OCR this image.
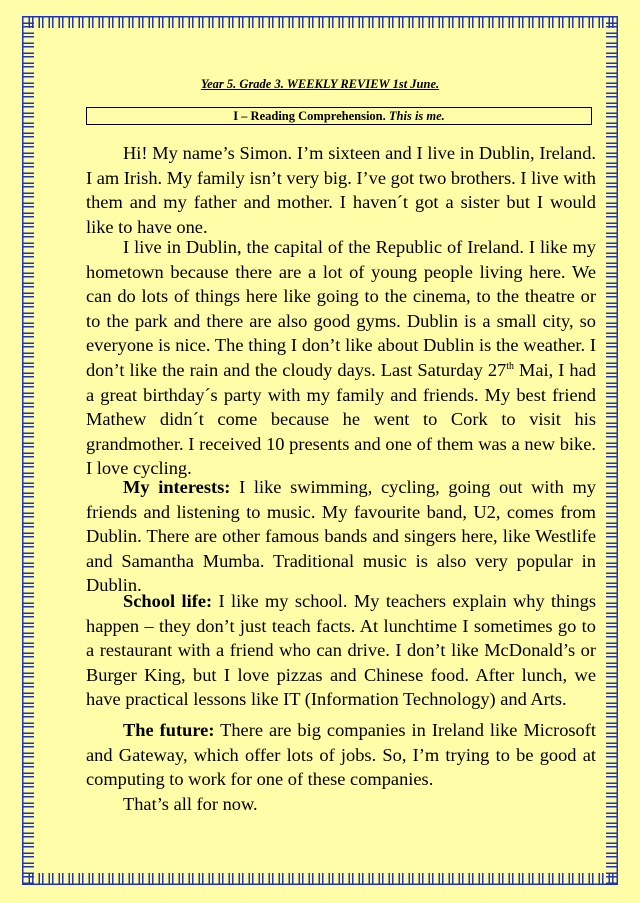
Year 5. Grade 3. WEEKLY REVIEW 1st June.
I – Reading Comprehension. This is me.

Hi! My name’s Simon. I’m sixteen and I live in Dublin, Ireland. I am Irish. My family isn’t very big. I’ve got two brothers. I live with them and my father and mother. I haven´t got a sister but I would like to have one.

I live in Dublin, the capital of the Republic of Ireland. I like my hometown because there are a lot of young people living here. We can do lots of things here like going to the cinema, to the theatre or to the park and there are also good gyms. Dublin is a small city, so everyone is nice. The thing I don’t like about Dublin is the weather. I don’t like the rain and the cloudy days. Last Saturday 27th Mai, I had a great birthday´s party with my family and friends. My best friend Mathew didn´t come because he went to Cork to visit his grandmother. I received 10 presents and one of them was a new bike. I love cycling.

My interests: I like swimming, cycling, going out with my friends and listening to music. My favourite band, U2, comes from Dublin. There are other famous bands and singers here, like Westlife and Samantha Mumba. Traditional music is also very popular in Dublin.

School life: I like my school. My teachers explain why things happen – they don’t just teach facts. At lunchtime I sometimes go to a restaurant with a friend who can drive. I don’t like McDonald’s or Burger King, but I love pizzas and Chinese food. After lunch, we have practical lessons like IT (Information Technology) and Arts.

The future: There are big companies in Ireland like Microsoft and Gateway, which offer lots of jobs. So, I’m trying to be good at computing to work for one of these companies.

That’s all for now.
